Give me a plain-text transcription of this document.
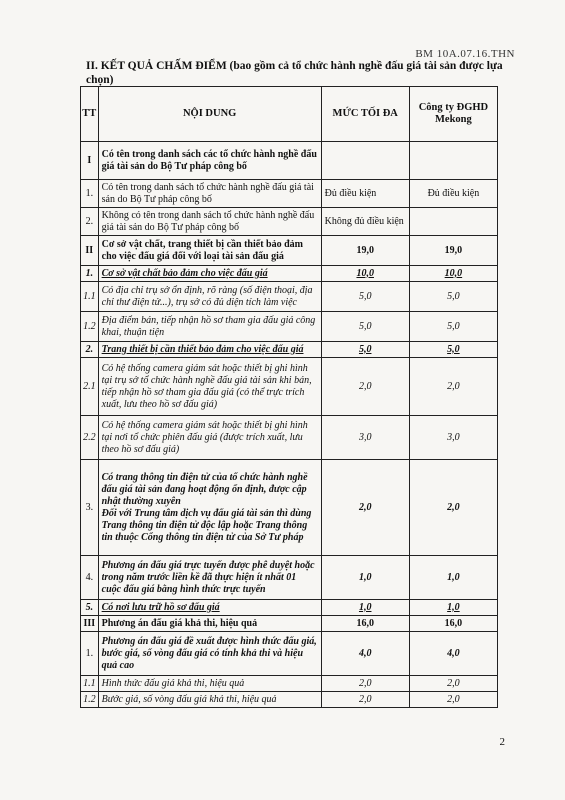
BM 10A.07.16.THN
II. KẾT QUẢ CHẤM ĐIỂM (bao gồm cả tổ chức hành nghề đấu giá tài sản được lựa chọn)
TT	NỘI DUNG	MỨC TỐI ĐA	Công ty ĐGHD Mekong
I	Có tên trong danh sách các tổ chức hành nghề đấu giá tài sản do Bộ Tư pháp công bố		
1.	Có tên trong danh sách tổ chức hành nghề đấu giá tài sản do Bộ Tư pháp công bố	Đủ điều kiện	Đủ điều kiện
2.	Không có tên trong danh sách tổ chức hành nghề đấu giá tài sản do Bộ Tư pháp công bố	Không đủ điều kiện	
II	Cơ sở vật chất, trang thiết bị cần thiết bảo đảm cho việc đấu giá đối với loại tài sản đấu giá	19,0	19,0
1.	Cơ sở vật chất bảo đảm cho việc đấu giá	10,0	10,0
1.1	Có địa chỉ trụ sở ổn định, rõ ràng (số điện thoại, địa chỉ thư điện tử...), trụ sở có đủ diện tích làm việc	5,0	5,0
1.2	Địa điểm bán, tiếp nhận hồ sơ tham gia đấu giá công khai, thuận tiện	5,0	5,0
2.	Trang thiết bị cần thiết bảo đảm cho việc đấu giá	5,0	5,0
2.1	Có hệ thống camera giám sát hoặc thiết bị ghi hình tại trụ sở tổ chức hành nghề đấu giá tài sản khi bán, tiếp nhận hồ sơ tham gia đấu giá (có thể trực trích xuất, lưu theo hồ sơ đấu giá)	2,0	2,0
2.2	Có hệ thống camera giám sát hoặc thiết bị ghi hình tại nơi tổ chức phiên đấu giá (được trích xuất, lưu theo hồ sơ đấu giá)	3,0	3,0
3.	Có trang thông tin điện tử của tổ chức hành nghề đấu giá tài sản đang hoạt động ổn định, được cập nhật thường xuyên
Đối với Trung tâm dịch vụ đấu giá tài sản thì dùng Trang thông tin điện tử độc lập hoặc Trang thông tin thuộc Cổng thông tin điện tử của Sở Tư pháp	2,0	2,0
4.	Phương án đấu giá trực tuyến được phê duyệt hoặc trong năm trước liền kề đã thực hiện ít nhất 01 cuộc đấu giá bằng hình thức trực tuyến	1,0	1,0
5.	Có nơi lưu trữ hồ sơ đấu giá	1,0	1,0
III	Phương án đấu giá khả thi, hiệu quả	16,0	16,0
1.	Phương án đấu giá đề xuất được hình thức đấu giá, bước giá, số vòng đấu giá có tính khả thi và hiệu quả cao	4,0	4,0
1.1	Hình thức đấu giá khả thi, hiệu quả	2,0	2,0
1.2	Bước giá, số vòng đấu giá khả thi, hiệu quả	2,0	2,0
2
